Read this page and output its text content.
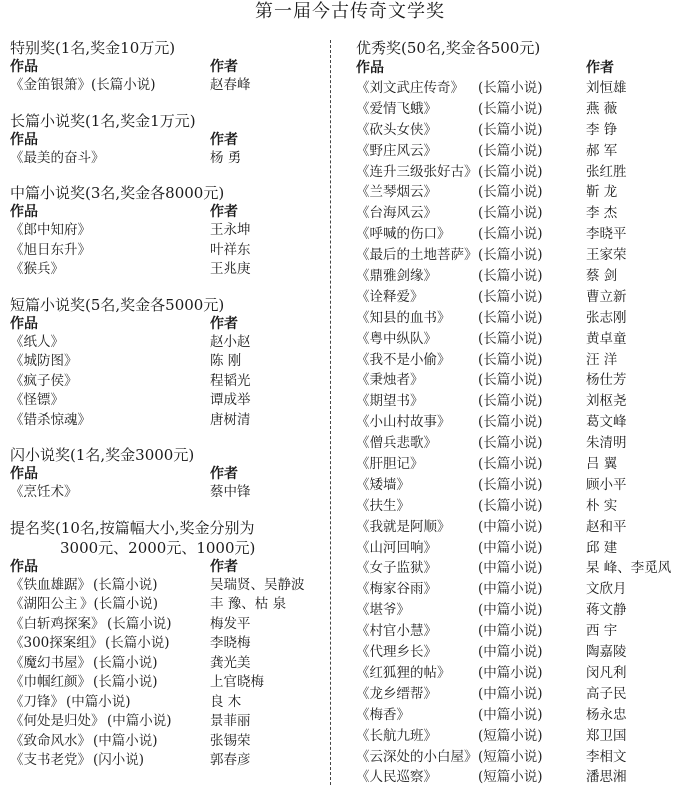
第一届今古传奇文学奖
特别奖(1名,奖金10万元)
作品	作者
《金笛银箫》(长篇小说)	赵春峰
长篇小说奖(1名,奖金1万元)
作品	作者
《最美的奋斗》	杨 勇
中篇小说奖(3名,奖金各8000元)
作品	作者
《郎中知府》	王永坤
《旭日东升》	叶祥东
《猴兵》	王兆庚
短篇小说奖(5名,奖金各5000元)
作品	作者
《纸人》	赵小赵
《城防图》	陈 刚
《疯子侯》	程韬光
《怪镖》	谭成举
《错杀惊魂》	唐树清
闪小说奖(1名,奖金3000元)
作品	作者
《烹饪术》	蔡中锋
提名奖(10名,按篇幅大小,奖金分别为
3000元、2000元、1000元)
作品	作者
《铁血雄踞》 (长篇小说)	吴瑞贤、吴静波
《湖阳公主 》(长篇小说)	丰 豫、枯 泉
《白斩鸡探案》 (长篇小说)	梅发平
《300探案组》 (长篇小说)	李晓梅
《魔幻书屋》 (长篇小说)	龚光美
《巾帼红颜》 (长篇小说)	上官晓梅
《刀锋》 (中篇小说)	良 木
《何处是归处》 (中篇小说)	景菲丽
《致命风水》 (中篇小说)	张锡荣
《支书老党》 (闪小说)	郭春彦
优秀奖(50名,奖金各500元)
作品	作者
《刘文武庄传奇》 (长篇小说)	刘恒雄
《爱情飞蛾》	(长篇小说)	燕 薇
《砍头女侠》	(长篇小说)	李 铮
《野庄风云》	(长篇小说)	郝 军
《连升三级张好古》 (长篇小说)	张红胜
《兰琴烟云》	(长篇小说)	靳 龙
《台海风云》	(长篇小说)	李 杰
《呼喊的伤口》 (长篇小说)	李晓平
《最后的土地菩萨》 (长篇小说)	王家荣
《鼎雅剑缘》	(长篇小说)	蔡 剑
《诠释爱》	(长篇小说)	曹立新
《知县的血书》 (长篇小说)	张志刚
《粤中纵队》	(长篇小说)	黄卓童
《我不是小偷》 (长篇小说)	汪 洋
《秉烛者》	(长篇小说)	杨仕芳
《期望书》	(长篇小说)	刘枢尧
《小山村故事》 (长篇小说)	葛文峰
《僧兵悲歌》	(长篇小说)	朱清明
《肝胆记》	(长篇小说)	吕 翼
《矮墙》	(长篇小说)	顾小平
《扶生》	(长篇小说)	朴 实
《我就是阿顺》 (中篇小说)	赵和平
《山河回响》	(中篇小说)	邱 建
《女子监狱》	(中篇小说)	杲 峰、李觅风
《梅家谷雨》	(中篇小说)	文欣月
《堪爷》	(中篇小说)	蒋文静
《村官小慧》	(中篇小说)	西 宇
《代理乡长》	(中篇小说)	陶嘉陵
《红狐狸的帖》 (中篇小说)	闵凡利
《龙乡缙帮》	(中篇小说)	高子民
《梅香》	(中篇小说)	杨永忠
《长航九班》	(短篇小说)	郑卫国
《云深处的小白屋》 (短篇小说)	李相文
《人民巡察》	(短篇小说)	潘思湘
